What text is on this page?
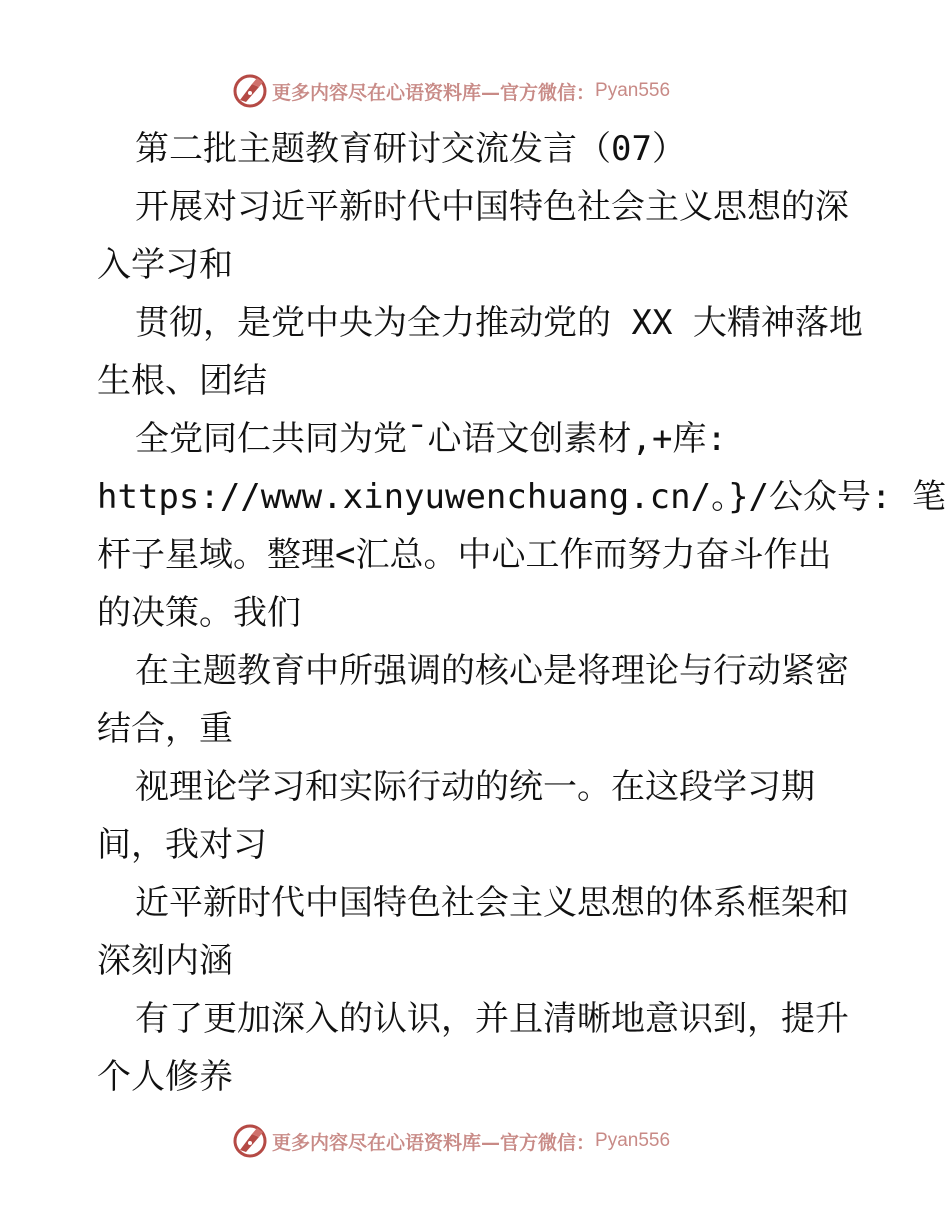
更多内容尽在心语资料库—官方微信： Pyan556
第二批主题教育研讨交流发言（07）
开展对习近平新时代中国特色社会主义思想的深
入学习和
贯彻，是党中央为全力推动党的 XX 大精神落地
生根、团结
全党同仁共同为党¯心语文创素材,+库:
https://www.xinyuwenchuang.cn/。}/公众号: 笔
杆子星域。整理<汇总。中心工作而努力奋斗作出
的决策。我们
在主题教育中所强调的核心是将理论与行动紧密
结合，重
视理论学习和实际行动的统一。在这段学习期
间，我对习
近平新时代中国特色社会主义思想的体系框架和
深刻内涵
有了更加深入的认识，并且清晰地意识到，提升
个人修养
更多内容尽在心语资料库—官方微信： Pyan556
